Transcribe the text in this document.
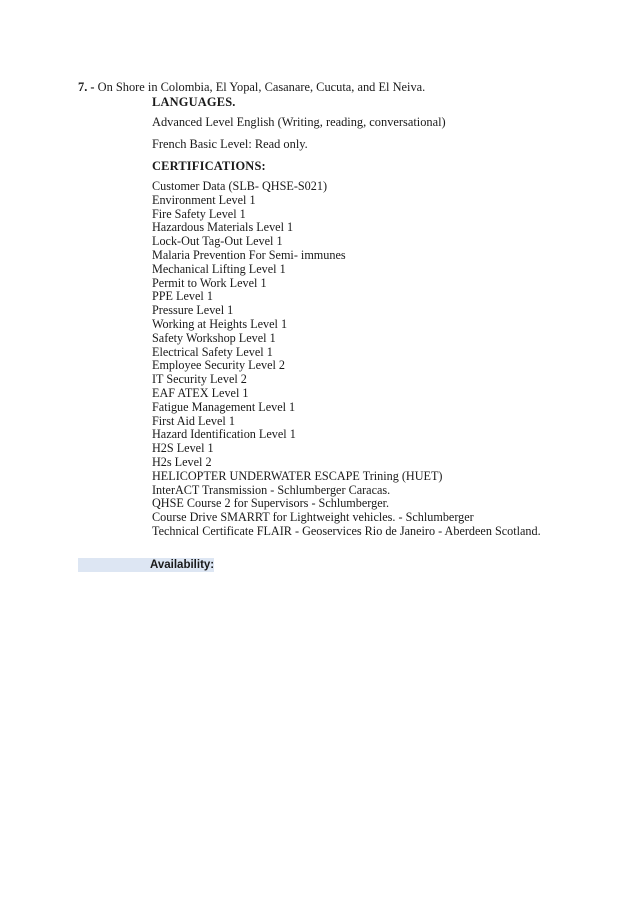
7. - On Shore in Colombia, El Yopal, Casanare, Cucuta, and El Neiva.
LANGUAGES.
Advanced Level English (Writing, reading, conversational)
French Basic Level: Read only.
CERTIFICATIONS:
Customer Data (SLB- QHSE-S021)
Environment Level 1
Fire Safety Level 1
Hazardous Materials Level 1
Lock-Out Tag-Out Level 1
Malaria Prevention For Semi- immunes
Mechanical Lifting Level 1
Permit to Work Level 1
PPE Level 1
Pressure Level 1
Working at Heights Level 1
Safety Workshop Level 1
Electrical Safety Level 1
Employee Security Level 2
IT Security Level 2
EAF ATEX Level 1
Fatigue Management Level 1
First Aid Level 1
Hazard Identification Level 1
H2S Level 1
H2s Level 2
HELICOPTER UNDERWATER ESCAPE Trining (HUET)
InterACT Transmission - Schlumberger Caracas.
QHSE Course 2 for Supervisors - Schlumberger.
Course Drive SMARRT for Lightweight vehicles. - Schlumberger
Technical Certificate FLAIR - Geoservices Rio de Janeiro - Aberdeen Scotland.
Availability:
